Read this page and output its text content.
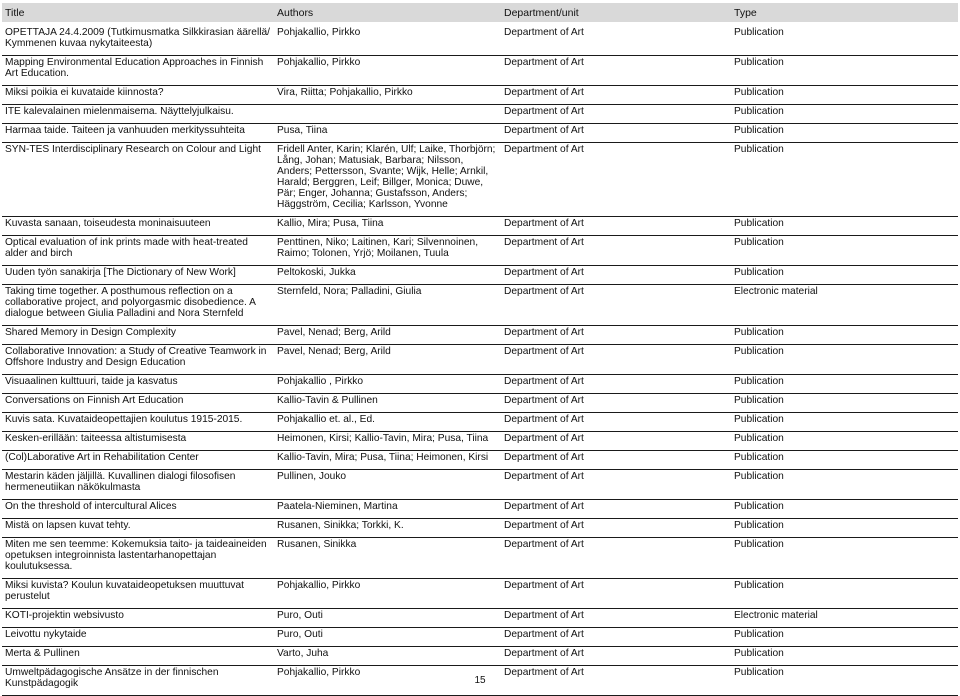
Title	Authors	Department/unit	Type
OPETTAJA 24.4.2009 (Tutkimusmatka Silkkirasian äärellä/ Kymmenen kuvaa nykytaiteesta)	Pohjakallio, Pirkko	Department of Art	Publication
Mapping Environmental Education Approaches in Finnish Art Education.	Pohjakallio, Pirkko	Department of Art	Publication
Miksi poikia ei kuvataide kiinnosta?	Vira, Riitta; Pohjakallio, Pirkko	Department of Art	Publication
ITE kalevalainen mielenmaisema. Näyttelyjulkaisu.		Department of Art	Publication
Harmaa taide. Taiteen ja vanhuuden merkityssuhteita	Pusa, Tiina	Department of Art	Publication
SYN-TES Interdisciplinary Research on Colour and Light	Fridell Anter, Karin; Klarén, Ulf; Laike, Thorbjörn; Lång, Johan; Matusiak, Barbara; Nilsson, Anders; Pettersson, Svante; Wijk, Helle; Arnkil, Harald; Berggren, Leif; Billger, Monica; Duwe, Pär; Enger, Johanna; Gustafsson, Anders; Häggström, Cecilia; Karlsson, Yvonne	Department of Art	Publication
Kuvasta sanaan, toiseudesta moninaisuuteen	Kallio, Mira; Pusa, Tiina	Department of Art	Publication
Optical evaluation of ink prints made with heat-treated alder and birch	Penttinen, Niko; Laitinen, Kari; Silvennoinen, Raimo; Tolonen, Yrjö; Moilanen, Tuula	Department of Art	Publication
Uuden työn sanakirja [The Dictionary of New Work]	Peltokoski, Jukka	Department of Art	Publication
Taking time together. A posthumous reflection on a collaborative project, and polyorgasmic disobedience. A dialogue between Giulia Palladini and Nora Sternfeld	Sternfeld, Nora; Palladini, Giulia	Department of Art	Electronic material
Shared Memory in Design Complexity	Pavel, Nenad; Berg, Arild	Department of Art	Publication
Collaborative Innovation: a Study of Creative Teamwork in Offshore Industry and Design Education	Pavel, Nenad; Berg, Arild	Department of Art	Publication
Visuaalinen kulttuuri, taide ja kasvatus	Pohjakallio , Pirkko	Department of Art	Publication
Conversations on Finnish Art Education	Kallio-Tavin & Pullinen	Department of Art	Publication
Kuvis sata. Kuvataideopettajien koulutus 1915-2015.	Pohjakallio et. al., Ed.	Department of Art	Publication
Kesken-erillään: taiteessa altistumisesta	Heimonen, Kirsi; Kallio-Tavin, Mira; Pusa, Tiina	Department of Art	Publication
(Col)Laborative Art in Rehabilitation Center	Kallio-Tavin, Mira; Pusa, Tiina; Heimonen, Kirsi	Department of Art	Publication
Mestarin käden jäljillä. Kuvallinen dialogi filosofisen hermeneutiikan näkökulmasta	Pullinen, Jouko	Department of Art	Publication
On the threshold of intercultural Alices	Paatela-Nieminen, Martina	Department of Art	Publication
Mistä on lapsen kuvat tehty.	Rusanen, Sinikka; Torkki, K.	Department of Art	Publication
Miten me sen teemme: Kokemuksia taito- ja taideaineiden opetuksen integroinnista lastentarhanopettajan koulutuksessa.	Rusanen, Sinikka	Department of Art	Publication
Miksi kuvista? Koulun kuvataideopetuksen muuttuvat perustelut	Pohjakallio, Pirkko	Department of Art	Publication
KOTI-projektin websivusto	Puro, Outi	Department of Art	Electronic material
Leivottu nykytaide	Puro, Outi	Department of Art	Publication
Merta & Pullinen	Varto, Juha	Department of Art	Publication
Umweltpädagogische Ansätze in der finnischen Kunstpädagogik	Pohjakallio, Pirkko	Department of Art	Publication
15
